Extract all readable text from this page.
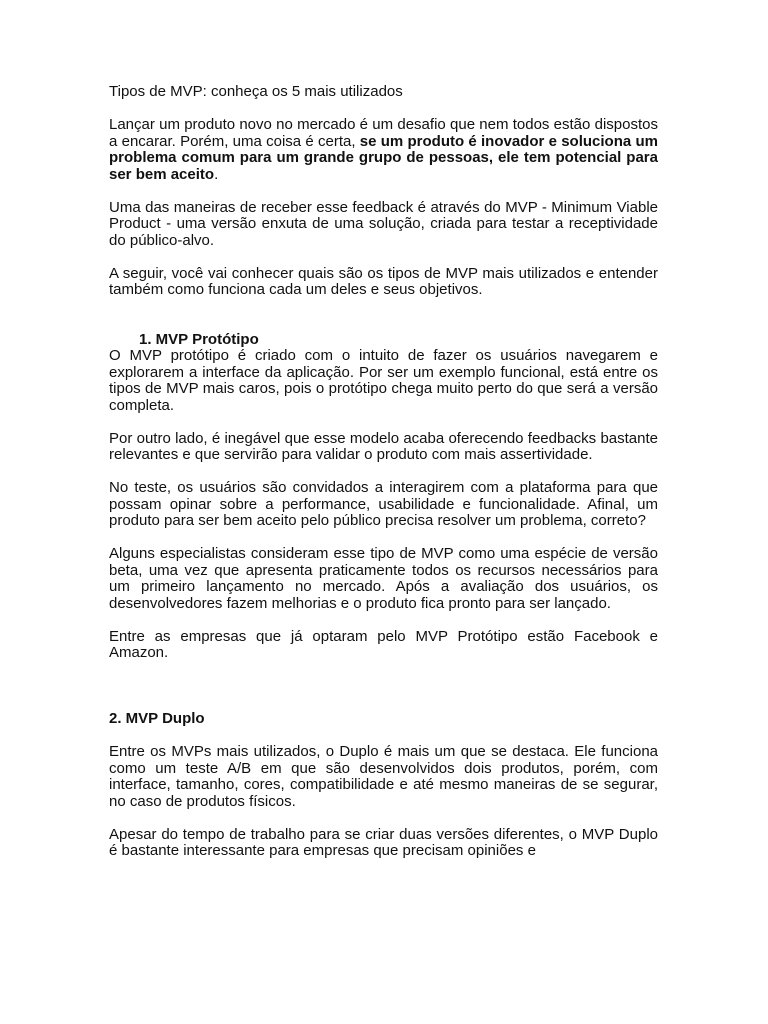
Tipos de MVP: conheça os 5 mais utilizados

Lançar um produto novo no mercado é um desafio que nem todos estão dispostos a encarar. Porém, uma coisa é certa, se um produto é inovador e soluciona um problema comum para um grande grupo de pessoas, ele tem potencial para ser bem aceito.

Uma das maneiras de receber esse feedback é através do MVP - Minimum Viable Product - uma versão enxuta de uma solução, criada para testar a receptividade do público-alvo.

A seguir, você vai conhecer quais são os tipos de MVP mais utilizados e entender também como funciona cada um deles e seus objetivos.

1. MVP Protótipo

O MVP protótipo é criado com o intuito de fazer os usuários navegarem e explorarem a interface da aplicação. Por ser um exemplo funcional, está entre os tipos de MVP mais caros, pois o protótipo chega muito perto do que será a versão completa.

Por outro lado, é inegável que esse modelo acaba oferecendo feedbacks bastante relevantes e que servirão para validar o produto com mais assertividade.

No teste, os usuários são convidados a interagirem com a plataforma para que possam opinar sobre a performance, usabilidade e funcionalidade. Afinal, um produto para ser bem aceito pelo público precisa resolver um problema, correto?

Alguns especialistas consideram esse tipo de MVP como uma espécie de versão beta, uma vez que apresenta praticamente todos os recursos necessários para um primeiro lançamento no mercado. Após a avaliação dos usuários, os desenvolvedores fazem melhorias e o produto fica pronto para ser lançado.

Entre as empresas que já optaram pelo MVP Protótipo estão Facebook e Amazon.

2. MVP Duplo

Entre os MVPs mais utilizados, o Duplo é mais um que se destaca. Ele funciona como um teste A/B em que são desenvolvidos dois produtos, porém, com interface, tamanho, cores, compatibilidade e até mesmo maneiras de se segurar, no caso de produtos físicos.

Apesar do tempo de trabalho para se criar duas versões diferentes, o MVP Duplo é bastante interessante para empresas que precisam opiniões e
